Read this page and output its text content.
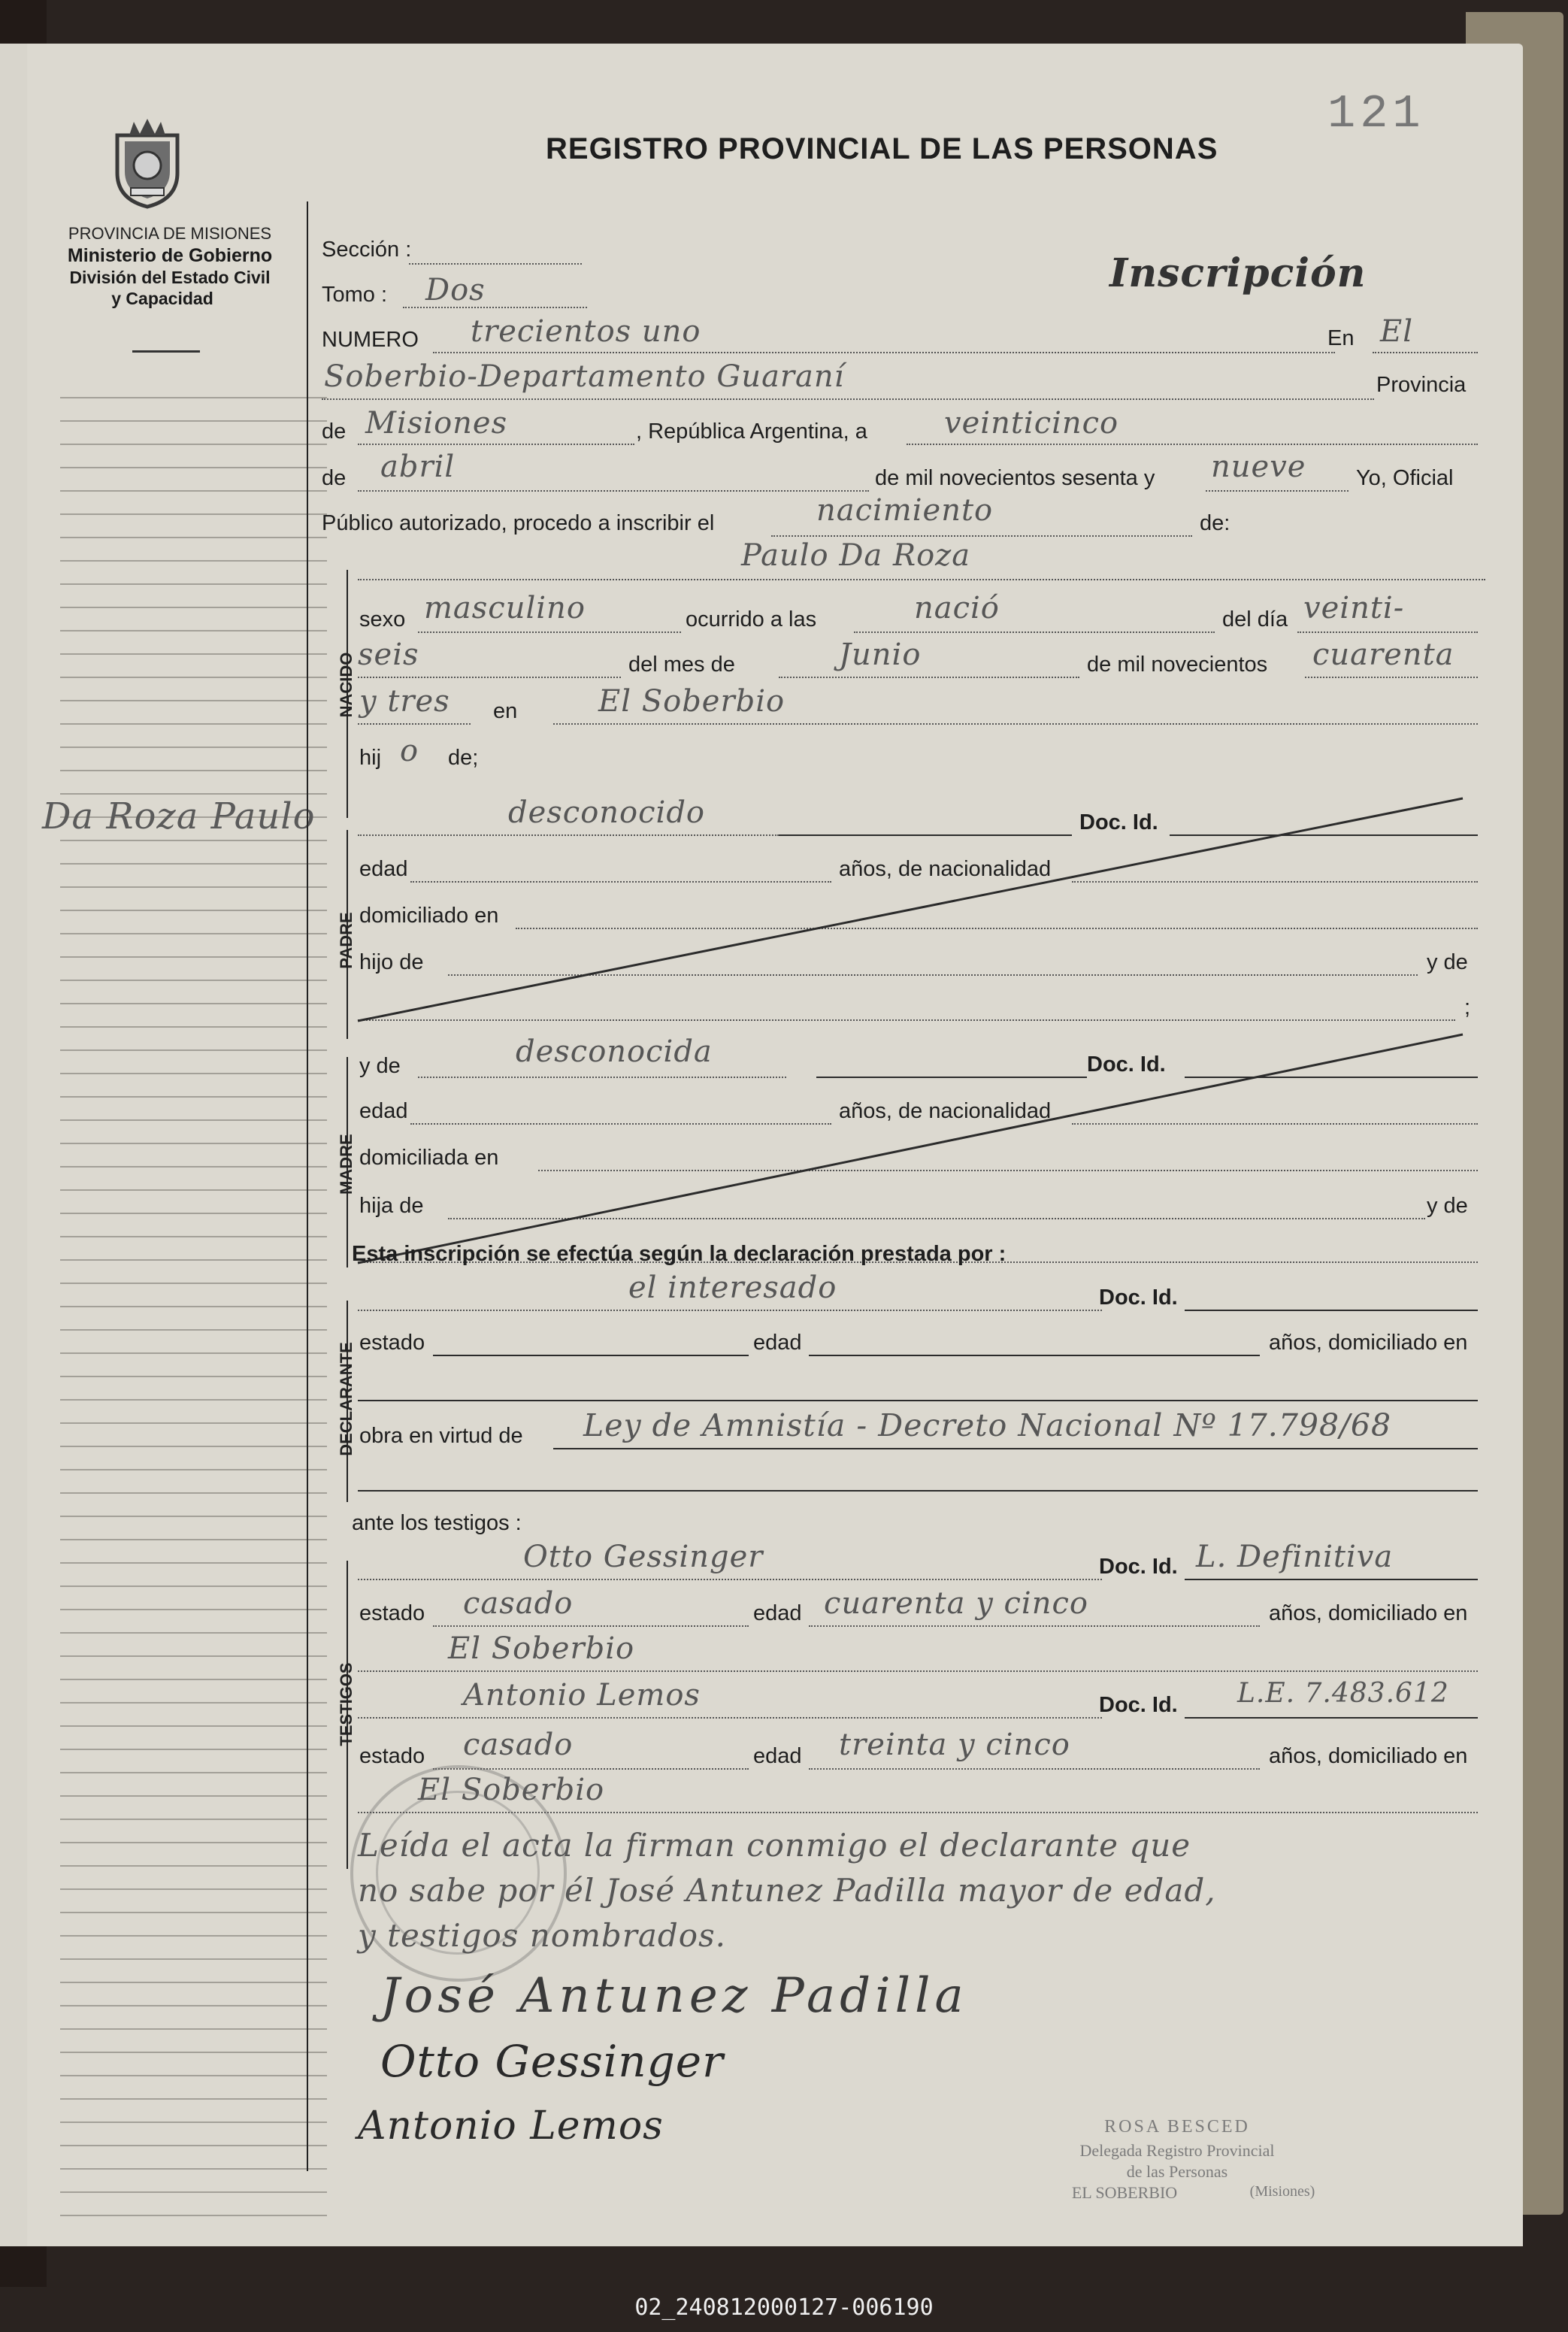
121
REGISTRO PROVINCIAL DE LAS PERSONAS
PROVINCIA DE MISIONES
Ministerio de Gobierno
División del Estado Civil
y Capacidad
Da Roza Paulo
Inscripción
Sección :
Tomo : Dos
NUMERO trecientos uno	En El
Soberbio-Departamento Guaraní	Provincia
de Misiones	, República Argentina, a	veinticinco
de abril	de mil novecientos sesenta y nueve Yo, Oficial
Público autorizado, procedo a inscribir el	nacimiento	de:
Paulo Da Roza
NACIDO
sexo masculino	ocurrido a las	nació	del día veinti-
seis	del mes de	Junio	de mil novecientos cuarenta
y tres en	El Soberbio
hij o de;
PADRE
desconocido	Doc. Id.
edad	años, de nacionalidad
domiciliado en
hijo de	y de
;
MADRE
y de	desconocida	Doc. Id.
edad	años, de nacionalidad
domiciliada en
hija de	y de
Esta inscripción se efectúa según la declaración prestada por :
DECLARANTE
el interesado	Doc. Id.
estado	edad	años, domiciliado en
obra en virtud de Ley de Amnistía - Decreto Nacional Nº 17.798/68
ante los testigos :
TESTIGOS
Otto Gessinger	Doc. Id. L. Definitiva
estado casado	edad cuarenta y cinco	años, domiciliado en
El Soberbio
Antonio Lemos	Doc. Id. L.E. 7.483.612
estado casado	edad treinta y cinco	años, domiciliado en
El Soberbio
Leída el acta la firman conmigo el declarante que
no sabe por él José Antunez Padilla mayor de edad,
y testigos nombrados.
José Antunez Padilla
Otto Gessinger
Antonio Lemos	ROSA BESCED
Delegada Registro Provincial
de las Personas
EL SOBERBIO	(Misiones)
02_240812000127-006190
